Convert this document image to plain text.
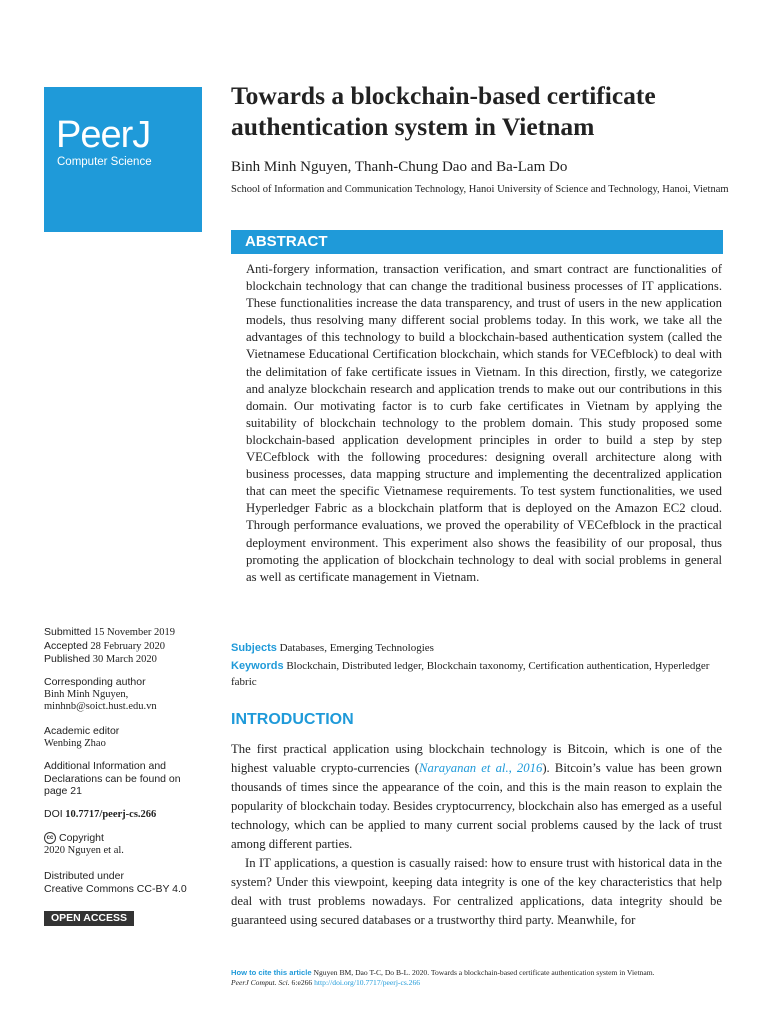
PeerJ
Computer Science
Towards a blockchain-based certificate authentication system in Vietnam
Binh Minh Nguyen, Thanh-Chung Dao and Ba-Lam Do
School of Information and Communication Technology, Hanoi University of Science and Technology, Hanoi, Vietnam
ABSTRACT

Anti-forgery information, transaction verification, and smart contract are functionalities of blockchain technology that can change the traditional business processes of IT applications. These functionalities increase the data transparency, and trust of users in the new application models, thus resolving many different social problems today. In this work, we take all the advantages of this technology to build a blockchain-based authentication system (called the Vietnamese Educational Certification blockchain, which stands for VECefblock) to deal with the delimitation of fake certificate issues in Vietnam. In this direction, firstly, we categorize and analyze blockchain research and application trends to make out our contributions in this domain. Our motivating factor is to curb fake certificates in Vietnam by applying the suitability of blockchain technology to the problem domain. This study proposed some blockchain-based application development principles in order to build a step by step VECefblock with the following procedures: designing overall architecture along with business processes, data mapping structure and implementing the decentralized application that can meet the specific Vietnamese requirements. To test system functionalities, we used Hyperledger Fabric as a blockchain platform that is deployed on the Amazon EC2 cloud. Through performance evaluations, we proved the operability of VECefblock in the practical deployment environment. This experiment also shows the feasibility of our proposal, thus promoting the application of blockchain technology to deal with social problems in general as well as certificate management in Vietnam.

Submitted 15 November 2019
Accepted 28 February 2020
Published 30 March 2020
Corresponding author
Binh Minh Nguyen,
minhnb@soict.hust.edu.vn
Academic editor
Wenbing Zhao
Additional Information and
Declarations can be found on
page 21
DOI 10.7717/peerj-cs.266
cc Copyright
2020 Nguyen et al.
Distributed under
Creative Commons CC-BY 4.0
OPEN ACCESS
Subjects Databases, Emerging Technologies
Keywords Blockchain, Distributed ledger, Blockchain taxonomy, Certification authentication, Hyperledger fabric
INTRODUCTION

The first practical application using blockchain technology is Bitcoin, which is one of the highest valuable crypto-currencies (Narayanan et al., 2016). Bitcoin’s value has been grown thousands of times since the appearance of the coin, and this is the main reason to explain the popularity of blockchain today. Besides cryptocurrency, blockchain also has emerged as a useful technology, which can be applied to many current social problems caused by the lack of trust among different parties.

In IT applications, a question is casually raised: how to ensure trust with historical data in the system? Under this viewpoint, keeping data integrity is one of the key characteristics that help deal with trust problems nowadays. For centralized applications, data integrity should be guaranteed using secured databases or a trustworthy third party. Meanwhile, for

How to cite this article Nguyen BM, Dao T-C, Do B-L. 2020. Towards a blockchain-based certificate authentication system in Vietnam.
PeerJ Comput. Sci. 6:e266 http://doi.org/10.7717/peerj-cs.266
